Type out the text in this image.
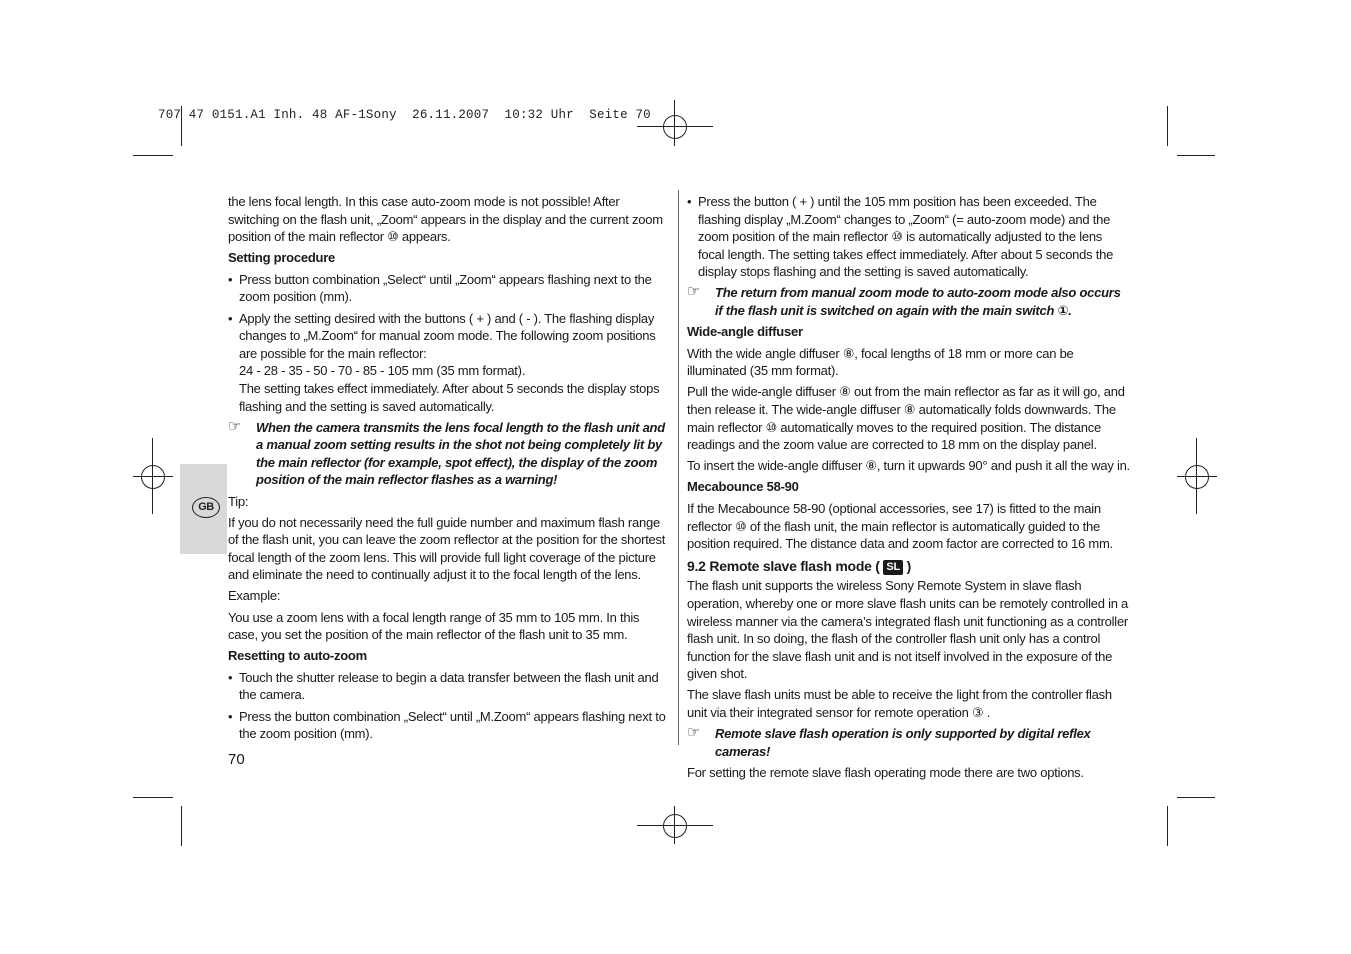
707 47 0151.A1 Inh. 48 AF-1Sony  26.11.2007  10:32 Uhr  Seite 70
GB

the lens focal length. In this case auto-zoom mode is not possible! After switching on the flash unit, „Zoom“ appears in the display and the current zoom position of the main reflector ⑩ appears.

Setting procedure

• Press button combination „Select“ until „Zoom“ appears flashing next to the zoom position (mm).
• Apply the setting desired with the buttons ( + ) and ( - ). The flashing display changes to „M.Zoom“ for manual zoom mode. The following zoom positions are possible for the main reflector:
24 - 28 - 35 - 50 - 70 - 85 - 105 mm (35 mm format).
The setting takes effect immediately. After about 5 seconds the display stops flashing and the setting is saved automatically.
☞ When the camera transmits the lens focal length to the flash unit and a manual zoom setting results in the shot not being completely lit by the main reflector (for example, spot effect), the display of the zoom position of the main reflector flashes as a warning!

Tip:

If you do not necessarily need the full guide number and maximum flash range of the flash unit, you can leave the zoom reflector at the position for the shortest focal length of the zoom lens. This will provide full light coverage of the picture and eliminate the need to continually adjust it to the focal length of the lens.

Example:

You use a zoom lens with a focal length range of 35 mm to 105 mm. In this case, you set the position of the main reflector of the flash unit to 35 mm.

Resetting to auto-zoom

• Touch the shutter release to begin a data transfer between the flash unit and the camera.
• Press the button combination „Select“ until „M.Zoom“ appears flashing next to the zoom position (mm).
• Press the button ( + ) until the 105 mm position has been exceeded. The flashing display „M.Zoom“ changes to „Zoom“ (= auto-zoom mode) and the zoom position of the main reflector ⑩ is automatically adjusted to the lens focal length. The setting takes effect immediately. After about 5 seconds the display stops flashing and the setting is saved automatically.
☞ The return from manual zoom mode to auto-zoom mode also occurs if the flash unit is switched on again with the main switch ①.

Wide-angle diffuser

With the wide angle diffuser ⑧, focal lengths of 18 mm or more can be illuminated (35 mm format).

Pull the wide-angle diffuser ⑧ out from the main reflector as far as it will go, and then release it. The wide-angle diffuser ⑧ automatically folds downwards. The main reflector ⑩ automatically moves to the required position. The distance readings and the zoom value are corrected to 18 mm on the display panel.

To insert the wide-angle diffuser ⑧, turn it upwards 90° and push it all the way in.

Mecabounce 58-90

If the Mecabounce 58-90 (optional accessories, see 17) is fitted to the main reflector ⑩ of the flash unit, the main reflector is automatically guided to the position required. The distance data and zoom factor are corrected to 16 mm.

9.2 Remote slave flash mode ( SL )

The flash unit supports the wireless Sony Remote System in slave flash operation, whereby one or more slave flash units can be remotely controlled in a wireless manner via the camera’s integrated flash unit functioning as a controller flash unit. In so doing, the flash of the controller flash unit only has a control function for the slave flash unit and is not itself involved in the exposure of the given shot.

The slave flash units must be able to receive the light from the controller flash unit via their integrated sensor for remote operation ③ .

☞ Remote slave flash operation is only supported by digital reflex cameras!

For setting the remote slave flash operating mode there are two options.

70
